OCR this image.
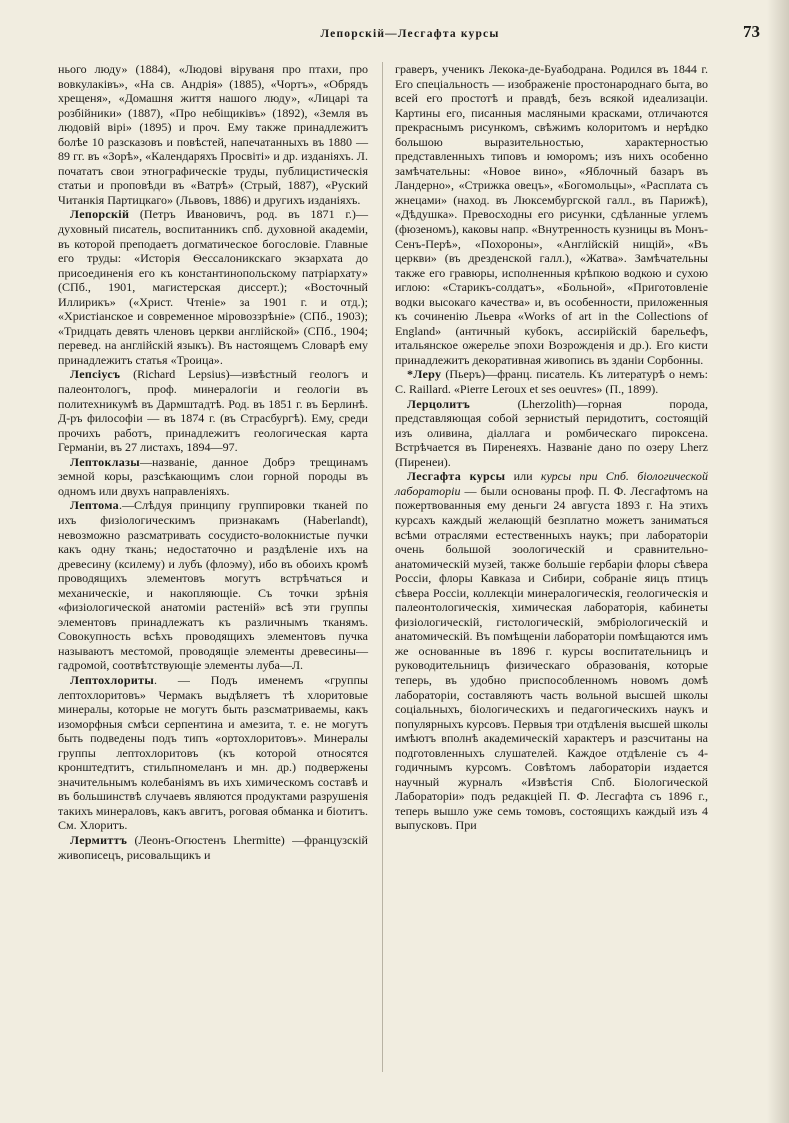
Лепорскій—Лесгафта курсы	73

нього люду» (1884), «Людові віруваня про птахи, про вовкулаківъ», «На св. Андрія» (1885), «Чортъ», «Обрядъ хрещеня», «Домашня життя нашого люду», «Лицарі та розбійники» (1887), «Про небіщиківъ» (1892), «Земля въ людовій вірі» (1895) и проч. Ему также принадлежитъ болѣе 10 разсказовъ и повѣстей, напечатанныхъ въ 1880 — 89 гг. въ «Зорѣ», «Календаряхъ Просвіті» и др. изданіяхъ. Л. почататъ свои этнографическіе труды, публицистическія статьи и проповѣди въ «Ватрѣ» (Стрый, 1887), «Руский Читанкія Партицкаго» (Львовъ, 1886) и другихъ изданіяхъ.

Лепорскій (Петръ Ивановичъ, род. въ 1871 г.)—духовный писатель, воспитанникъ спб. духовной академіи, въ которой преподаетъ догматическое богословіе. Главные его труды: «Исторія Ѳессалоникскаго экзархата до присоединенія его къ константинопольскому патріархату» (СПб., 1901, магистерская диссерт.); «Восточный Иллирикъ» («Христ. Чтеніе» за 1901 г. и отд.); «Христіанское и современное міровоззрѣніе» (СПб., 1903); «Тридцать девять членовъ церкви англійской» (СПб., 1904; перевед. на англійскій языкъ). Въ настоящемъ Словарѣ ему принадлежитъ статья «Троица».

Лепсіусъ (Richard Lepsius)—извѣстный геологъ и палеонтологъ, проф. минералогіи и геологіи въ политехникумѣ въ Дармштадтѣ. Род. въ 1851 г. въ Берлинѣ. Д-ръ философіи — въ 1874 г. (въ Страсбургѣ). Ему, среди прочихъ работъ, принадлежитъ геологическая карта Германіи, въ 27 листахъ, 1894—97.

Лептоклазы—названіе, данное Добрэ трещинамъ земной коры, разсѣкающимъ слои горной породы въ одномъ или двухъ направленіяхъ.

Лептома.—Слѣдуя принципу группировки тканей по ихъ физіологическимъ признакамъ (Haberlandt), невозможно разсматривать сосудисто-волокнистые пучки какъ одну ткань; недостаточно и раздѣленіе ихъ на древесину (ксилему) и лубъ (флоэму), ибо въ обоихъ кромѣ проводящихъ элементовъ могутъ встрѣчаться и механическіе, и накопляющіе. Съ точки зрѣнія «физіологической анатоміи растеній» всѣ эти группы элементовъ принадлежатъ къ различнымъ тканямъ. Совокупность всѣхъ проводящихъ элементовъ пучка называютъ местомой, проводящіе элементы древесины—гадромой, соотвѣтствующіе элементы луба—Л.

Лептохлориты. — Подъ именемъ «группы лептохлоритовъ» Чермакъ выдѣляетъ тѣ хлоритовые минералы, которые не могутъ быть разсматриваемы, какъ изоморфныя смѣси серпентина и амезита, т. е. не могутъ быть подведены подъ типъ «ортохлоритовъ». Минералы группы лептохлоритовъ (къ которой относятся кронштедтитъ, стильпномеланъ и мн. др.) подвержены значительнымъ колебаніямъ въ ихъ химическомъ составѣ и въ большинствѣ случаевъ являются продуктами разрушенія такихъ минераловъ, какъ авгитъ, роговая обманка и біотитъ. См. Хлоритъ.

Лермиттъ (Леонъ-Огюстенъ Lhermitte) —французскій живописецъ, рисовальщикъ и

граверъ, ученикъ Лекока-де-Буабодрана. Родился въ 1844 г. Его спеціальность — изображеніе простонароднаго быта, во всей его простотѣ и правдѣ, безъ всякой идеализаціи. Картины его, писанныя масляными красками, отличаются прекраснымъ рисункомъ, свѣжимъ колоритомъ и нерѣдко большою выразительностью, характерностью представленныхъ типовъ и юморомъ; изъ нихъ особенно замѣчательны: «Новое вино», «Яблочный базаръ въ Ландерно», «Стрижка овецъ», «Богомольцы», «Расплата съ жнецами» (наход. въ Люксембургской галл., въ Парижѣ), «Дѣдушка». Превосходны его рисунки, сдѣланные углемъ (фюзеномъ), каковы напр. «Внутренность кузницы въ Монъ-Сенъ-Перѣ», «Похороны», «Англійскій нищій», «Въ церкви» (въ дрезденской галл.), «Жатва». Замѣчательны также его гравюры, исполненныя крѣпкою водкою и сухою иглою: «Старикъ-солдатъ», «Больной», «Приготовленіе водки высокаго качества» и, въ особенности, приложенныя къ сочиненію Льевра «Works of art in the Collections of England» (античный кубокъ, ассирійскій барельефъ, итальянское ожерелье эпохи Возрожденія и др.). Его кисти принадлежитъ декоративная живопись въ зданіи Сорбонны.

*Леру (Пьеръ)—франц. писатель. Къ литературѣ о немъ: C. Raillard. «Pierre Leroux et ses oeuvres» (П., 1899).

Лерцолитъ (Lherzolith)—горная порода, представляющая собой зернистый перидотитъ, состоящій изъ оливина, діаллага и ромбическаго пироксена. Встрѣчается въ Пиренеяхъ. Названіе дано по озеру Lherz (Пиренеи).

Лесгафта курсы или курсы при Спб. біологической лабораторіи — были основаны проф. П. Ф. Лесгафтомъ на пожертвованныя ему деньги 24 августа 1893 г. На этихъ курсахъ каждый желающій безплатно можетъ заниматься всѣми отраслями естественныхъ наукъ; при лабораторіи очень большой зоологическій и сравнительно-анатомическій музей, также большіе гербаріи флоры сѣвера Россіи, флоры Кавказа и Сибири, собраніе яицъ птицъ сѣвера Россіи, коллекціи минералогическія, геологическія и палеонтологическія, химическая лабораторія, кабинеты физіологическій, гистологическій, эмбріологическій и анатомическій. Въ помѣщеніи лабораторіи помѣщаются имъ же основанные въ 1896 г. курсы воспитательницъ и руководительницъ физическаго образованія, которые теперь, въ удобно приспособленномъ новомъ домѣ лабораторіи, составляютъ часть вольной высшей школы соціальныхъ, біологическихъ и педагогическихъ наукъ и популярныхъ курсовъ. Первыя три отдѣленія высшей школы имѣютъ вполнѣ академическій характеръ и разсчитаны на подготовленныхъ слушателей. Каждое отдѣленіе съ 4-годичнымъ курсомъ. Совѣтомъ лабораторіи издается научный журналъ «Извѣстія Спб. Біологической Лабораторіи» подъ редакціей П. Ф. Лесгафта съ 1896 г., теперь вышло уже семь томовъ, состоящихъ каждый изъ 4 выпусковъ. При
